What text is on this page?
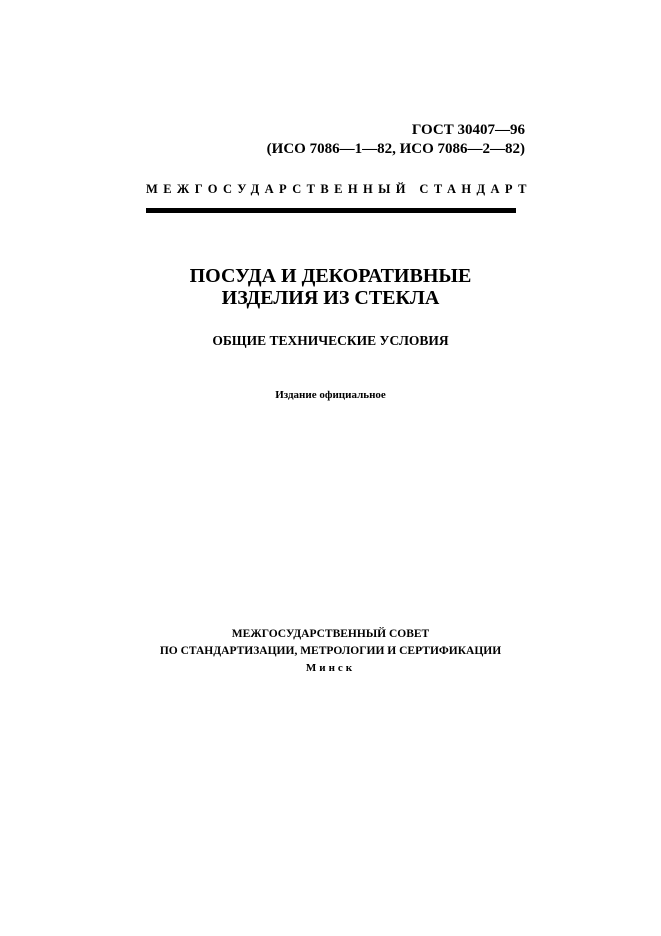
ГОСТ 30407—96
(ИСО 7086—1—82, ИСО 7086—2—82)
МЕЖГОСУДАРСТВЕННЫЙ СТАНДАРТ
ПОСУДА И ДЕКОРАТИВНЫЕ
ИЗДЕЛИЯ ИЗ СТЕКЛА
ОБЩИЕ ТЕХНИЧЕСКИЕ УСЛОВИЯ
Издание официальное
МЕЖГОСУДАРСТВЕННЫЙ СОВЕТ
ПО СТАНДАРТИЗАЦИИ, МЕТРОЛОГИИ И СЕРТИФИКАЦИИ
Минск
